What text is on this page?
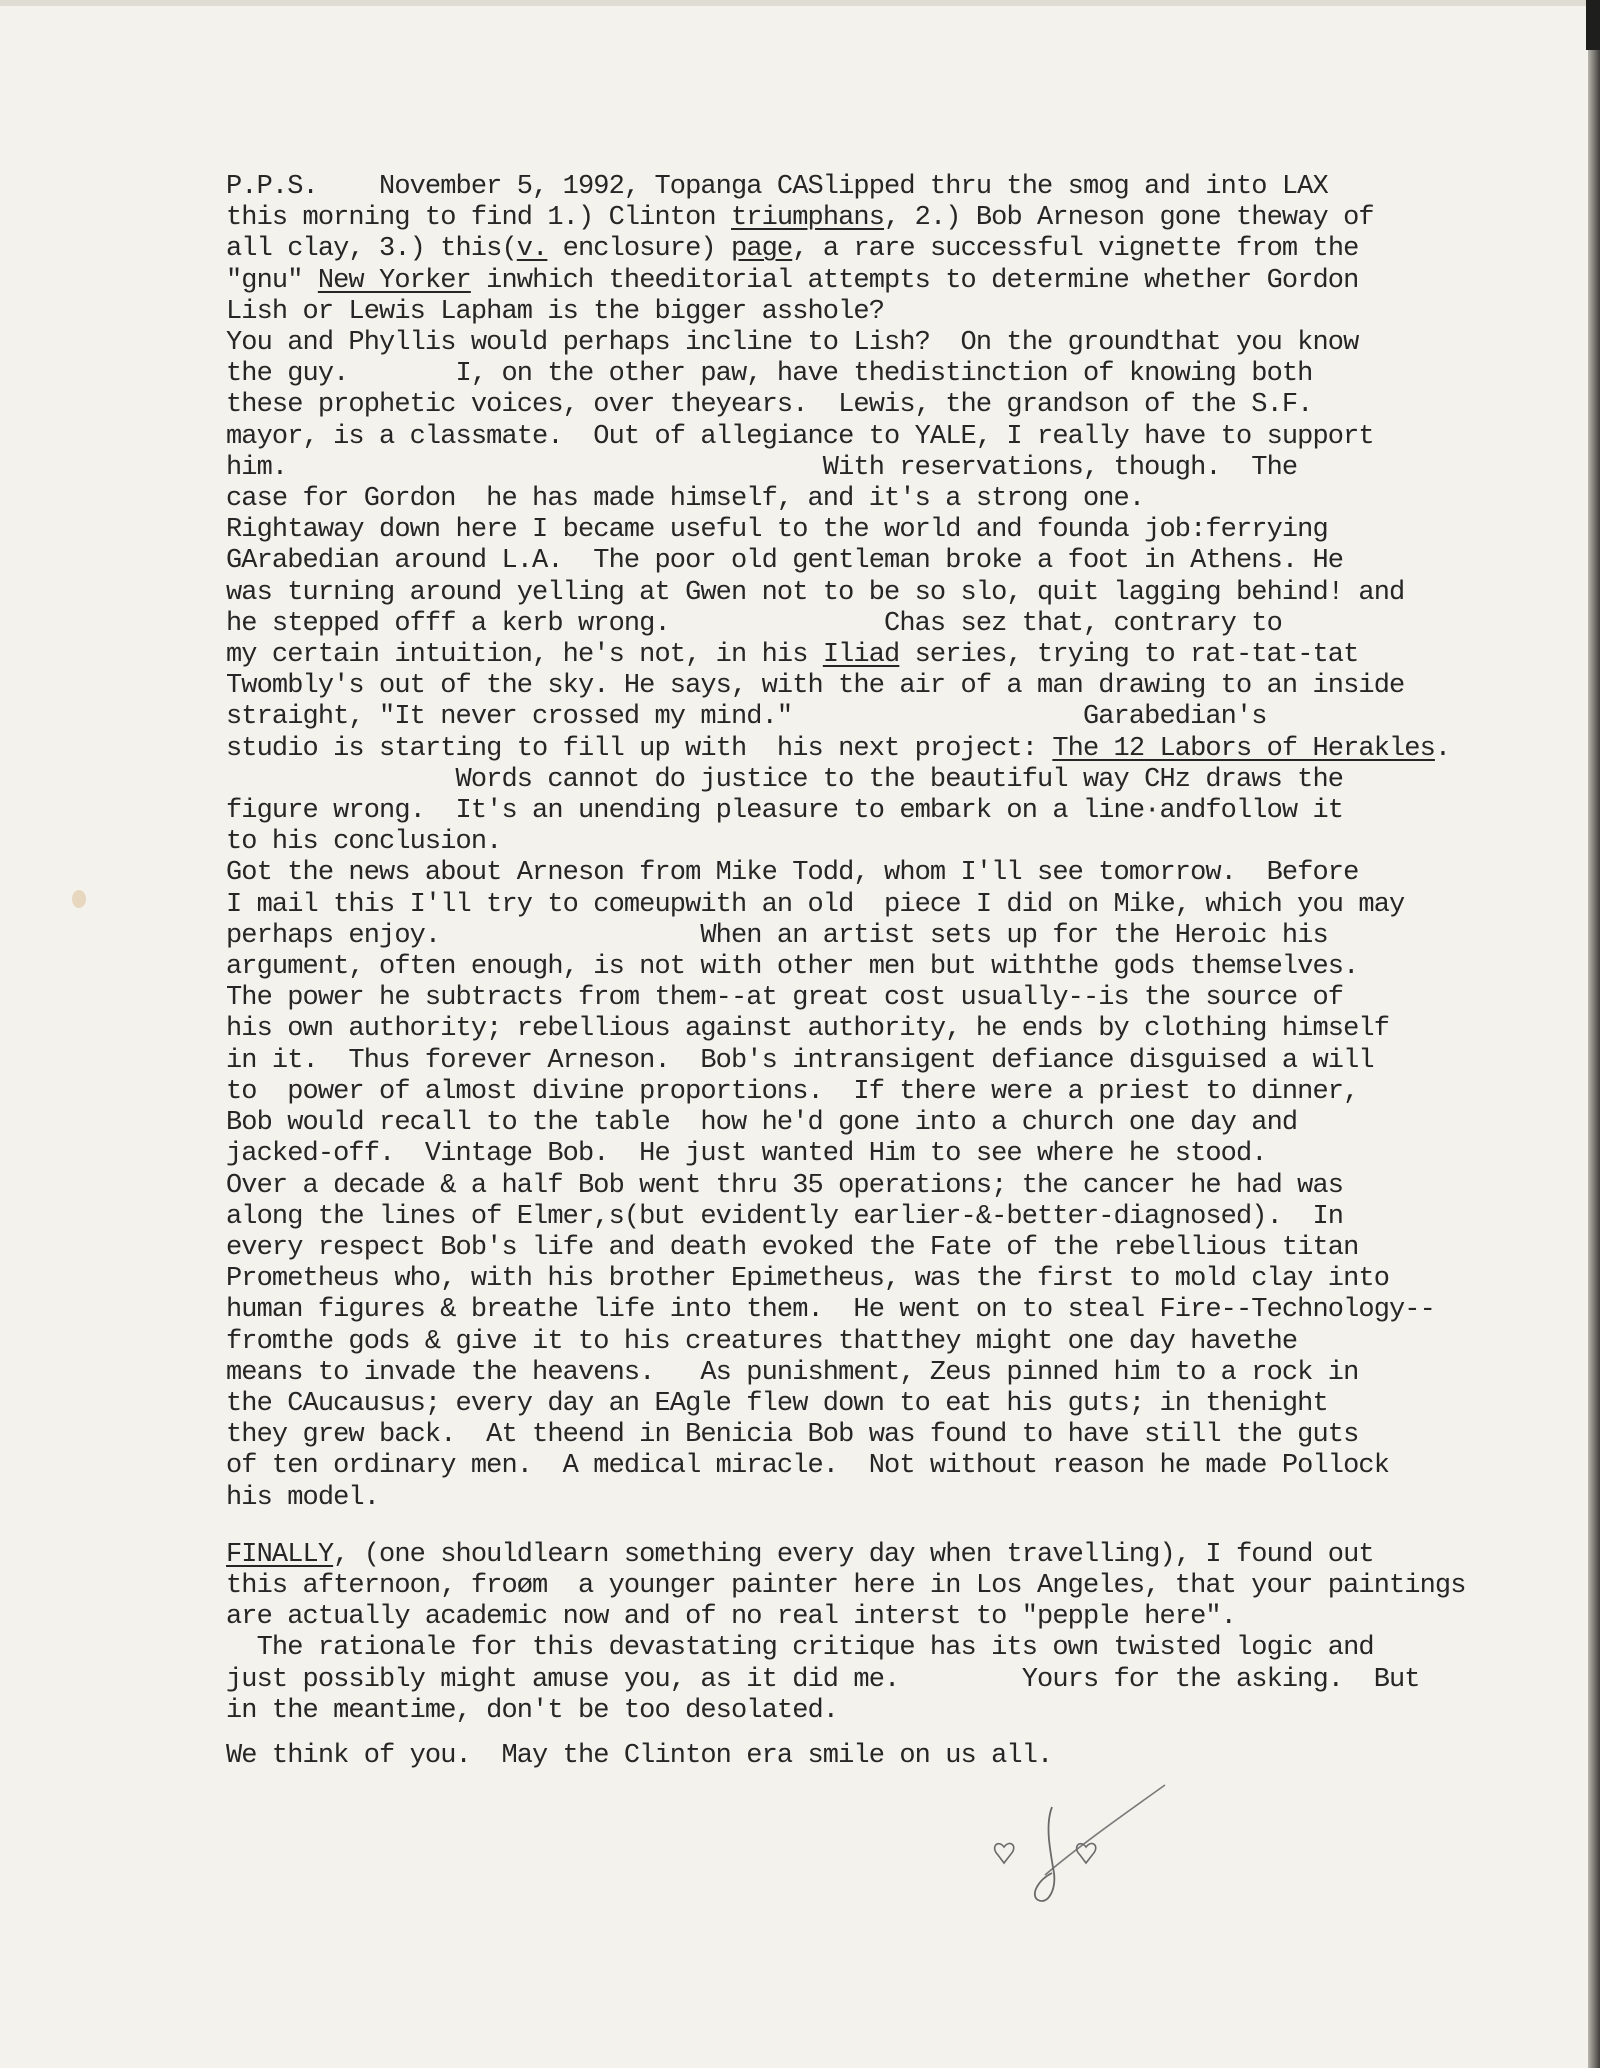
P.P.S.    November 5, 1992, Topanga CASlipped thru the smog and into LAX
this morning to find 1.) Clinton triumphans, 2.) Bob Arneson gone theway of
all clay, 3.) this(v. enclosure) page, a rare successful vignette from the
"gnu" New Yorker inwhich theeditorial attempts to determine whether Gordon
Lish or Lewis Lapham is the bigger asshole?
You and Phyllis would perhaps incline to Lish?  On the groundthat you know
the guy.       I, on the other paw, have thedistinction of knowing both
these prophetic voices, over theyears.  Lewis, the grandson of the S.F.
mayor, is a classmate.  Out of allegiance to YALE, I really have to support
him.                                   With reservations, though.  The
case for Gordon  he has made himself, and it's a strong one.
Rightaway down here I became useful to the world and founda job:ferrying
GArabedian around L.A.  The poor old gentleman broke a foot in Athens. He
was turning around yelling at Gwen not to be so slo, quit lagging behind! and
he stepped offf a kerb wrong.              Chas sez that, contrary to
my certain intuition, he's not, in his Iliad series, trying to rat-tat-tat
Twombly's out of the sky. He says, with the air of a man drawing to an inside
straight, "It never crossed my mind."                   Garabedian's
studio is starting to fill up with  his next project: The 12 Labors of Herakles.
Words cannot do justice to the beautiful way CHz draws the
figure wrong.  It's an unending pleasure to embark on a line·andfollow it
to his conclusion.
Got the news about Arneson from Mike Todd, whom I'll see tomorrow.  Before
I mail this I'll try to comeupwith an old  piece I did on Mike, which you may
perhaps enjoy.                 When an artist sets up for the Heroic his
argument, often enough, is not with other men but withthe gods themselves.
The power he subtracts from them--at great cost usually--is the source of
his own authority; rebellious against authority, he ends by clothing himself
in it.  Thus forever Arneson.  Bob's intransigent defiance disguised a will
to  power of almost divine proportions.  If there were a priest to dinner,
Bob would recall to the table  how he'd gone into a church one day and
jacked-off.  Vintage Bob.  He just wanted Him to see where he stood.
Over a decade & a half Bob went thru 35 operations; the cancer he had was
along the lines of Elmer,s(but evidently earlier-&-better-diagnosed).  In
every respect Bob's life and death evoked the Fate of the rebellious titan
Prometheus who, with his brother Epimetheus, was the first to mold clay into
human figures & breathe life into them.  He went on to steal Fire--Technology--
fromthe gods & give it to his creatures thatthey might one day havethe
means to invade the heavens.   As punishment, Zeus pinned him to a rock in
the CAucausus; every day an EAgle flew down to eat his guts; in thenight
they grew back.  At theend in Benicia Bob was found to have still the guts
of ten ordinary men.  A medical miracle.  Not without reason he made Pollock
his model.
FINALLY, (one shouldlearn something every day when travelling), I found out
this afternoon, froøm  a younger painter here in Los Angeles, that your paintings
are actually academic now and of no real interst to "pepple here".
The rationale for this devastating critique has its own twisted logic and
just possibly might amuse you, as it did me.        Yours for the asking.  But
in the meantime, don't be too desolated.
We think of you.  May the Clinton era smile on us all.
